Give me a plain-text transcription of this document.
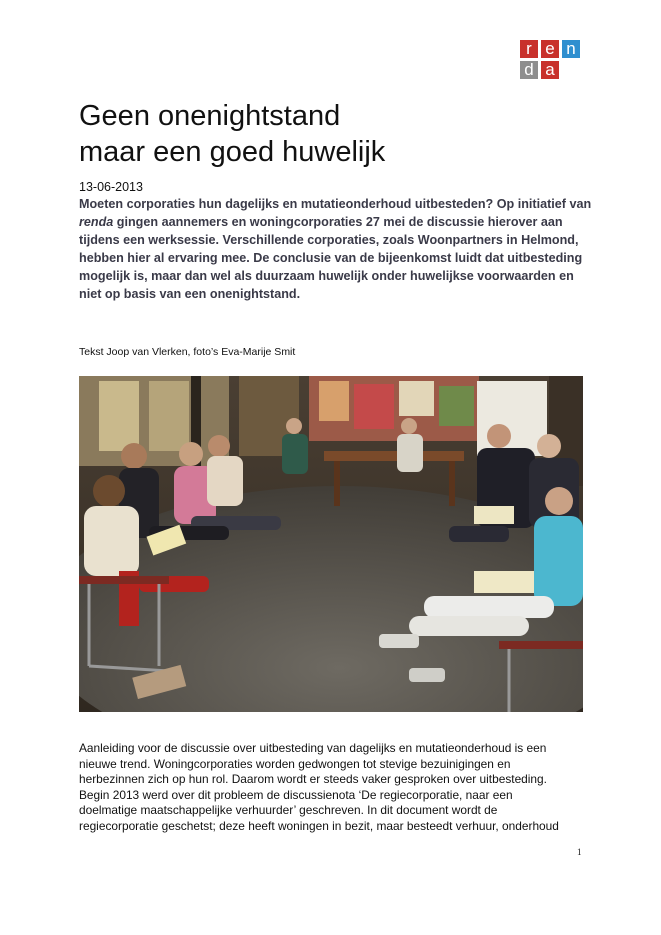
r e n
d a
Geen onenightstand
maar een goed huwelijk
13-06-2013
Moeten corporaties hun dagelijks en mutatieonderhoud uitbesteden? Op initiatief van renda gingen aannemers en woningcorporaties 27 mei de discussie hierover aan tijdens een werksessie. Verschillende corporaties, zoals Woonpartners in Helmond, hebben hier al ervaring mee. De conclusie van de bijeenkomst luidt dat uitbesteding mogelijk is, maar dan wel als duurzaam huwelijk onder huwelijkse voorwaarden en niet op basis van een onenightstand.
Tekst Joop van Vlerken, foto’s Eva-Marije Smit
Aanleiding voor de discussie over uitbesteding van dagelijks en mutatieonderhoud is een
nieuwe trend. Woningcorporaties worden gedwongen tot stevige bezuinigingen en
herbezinnen zich op hun rol. Daarom wordt er steeds vaker gesproken over uitbesteding.
Begin 2013 werd over dit probleem de discussienota ‘De regiecorporatie, naar een
doelmatige maatschappelijke verhuurder’ geschreven. In dit document wordt de
regiecorporatie geschetst; deze heeft woningen in bezit, maar besteedt verhuur, onderhoud
1
